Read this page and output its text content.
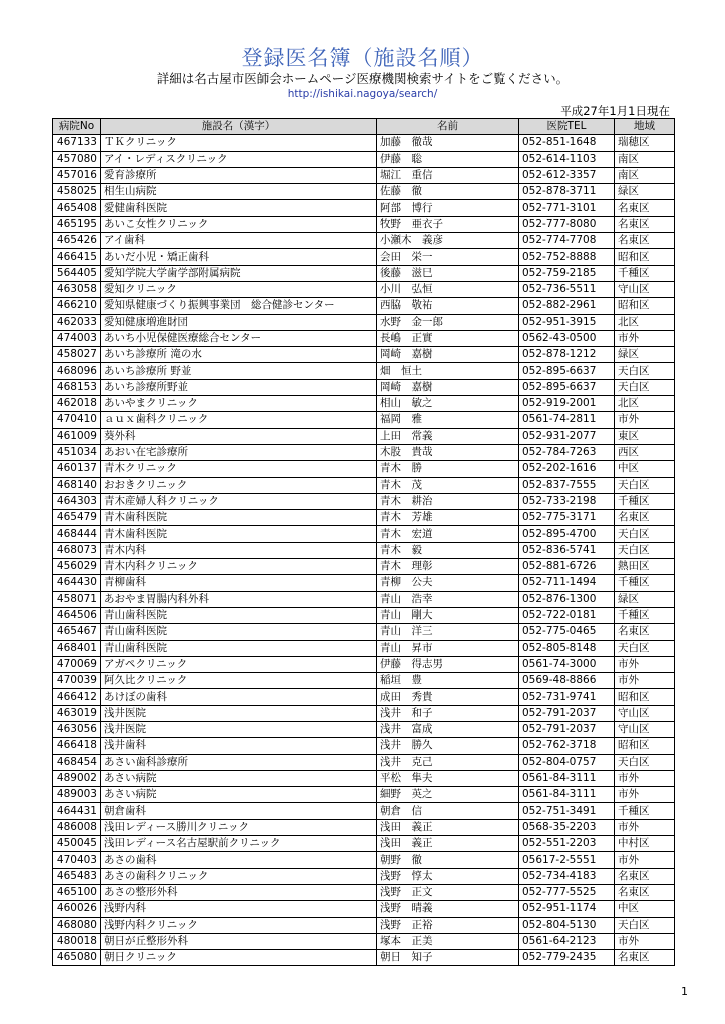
登録医名簿（施設名順）
詳細は名古屋市医師会ホームページ医療機関検索サイトをご覧ください。
http://ishikai.nagoya/search/
平成27年1月1日現在
病院No	施設名（漢字）	名前	医院TEL	地域
467133	ＴＫクリニック	加藤　徹哉	052-851-1648	瑞穂区
457080	アイ・レディスクリニック	伊藤　聡	052-614-1103	南区
457016	愛育診療所	堀江　重信	052-612-3357	南区
458025	相生山病院	佐藤　徹	052-878-3711	緑区
465408	愛健歯科医院	阿部　博行	052-771-3101	名東区
465195	あいこ女性クリニック	牧野　亜衣子	052-777-8080	名東区
465426	アイ歯科	小瀬木　義彦	052-774-7708	名東区
466415	あいだ小児・矯正歯科	会田　栄一	052-752-8888	昭和区
564405	愛知学院大学歯学部附属病院	後藤　滋巳	052-759-2185	千種区
463058	愛知クリニック	小川　弘恒	052-736-5511	守山区
466210	愛知県健康づくり振興事業団　総合健診センター	西脇　敬祐	052-882-2961	昭和区
462033	愛知健康増進財団	水野　金一郎	052-951-3915	北区
474003	あいち小児保健医療総合センター	長嶋　正實	0562-43-0500	市外
458027	あいち診療所 滝の水	岡崎　嘉樹	052-878-1212	緑区
468096	あいち診療所 野並	畑　恒土	052-895-6637	天白区
468153	あいち診療所野並	岡崎　嘉樹	052-895-6637	天白区
462018	あいやまクリニック	相山　敏之	052-919-2001	北区
470410	ａｕｘ歯科クリニック	福岡　雅	0561-74-2811	市外
461009	葵外科	上田　常義	052-931-2077	東区
451034	あおい在宅診療所	木股　貴哉	052-784-7263	西区
460137	青木クリニック	青木　勝	052-202-1616	中区
468140	おおきクリニック	青木　茂	052-837-7555	天白区
464303	青木産婦人科クリニック	青木　耕治	052-733-2198	千種区
465479	青木歯科医院	青木　芳雄	052-775-3171	名東区
468444	青木歯科医院	青木　宏道	052-895-4700	天白区
468073	青木内科	青木　毅	052-836-5741	天白区
456029	青木内科クリニック	青木　理彰	052-881-6726	熱田区
464430	青柳歯科	青柳　公夫	052-711-1494	千種区
458071	あおやま胃腸内科外科	青山　浩幸	052-876-1300	緑区
464506	青山歯科医院	青山　剛大	052-722-0181	千種区
465467	青山歯科医院	青山　洋三	052-775-0465	名東区
468401	青山歯科医院	青山　昇市	052-805-8148	天白区
470069	アガペクリニック	伊藤　得志男	0561-74-3000	市外
470039	阿久比クリニック	稲垣　豊	0569-48-8866	市外
466412	あけぼの歯科	成田　秀貴	052-731-9741	昭和区
463019	浅井医院	浅井　和子	052-791-2037	守山区
463056	浅井医院	浅井　富成	052-791-2037	守山区
466418	浅井歯科	浅井　勝久	052-762-3718	昭和区
468454	あさい歯科診療所	浅井　克己	052-804-0757	天白区
489002	あさい病院	平松　隼夫	0561-84-3111	市外
489003	あさい病院	細野　英之	0561-84-3111	市外
464431	朝倉歯科	朝倉　信	052-751-3491	千種区
486008	浅田レディース勝川クリニック	浅田　義正	0568-35-2203	市外
450045	浅田レディース名古屋駅前クリニック	浅田　義正	052-551-2203	中村区
470403	あさの歯科	朝野　徹	05617-2-5551	市外
465483	あさの歯科クリニック	浅野　惇太	052-734-4183	名東区
465100	あさの整形外科	浅野　正文	052-777-5525	名東区
460026	浅野内科	浅野　晴義	052-951-1174	中区
468080	浅野内科クリニック	浅野　正裕	052-804-5130	天白区
480018	朝日が丘整形外科	塚本　正美	0561-64-2123	市外
465080	朝日クリニック	朝日　知子	052-779-2435	名東区
1
